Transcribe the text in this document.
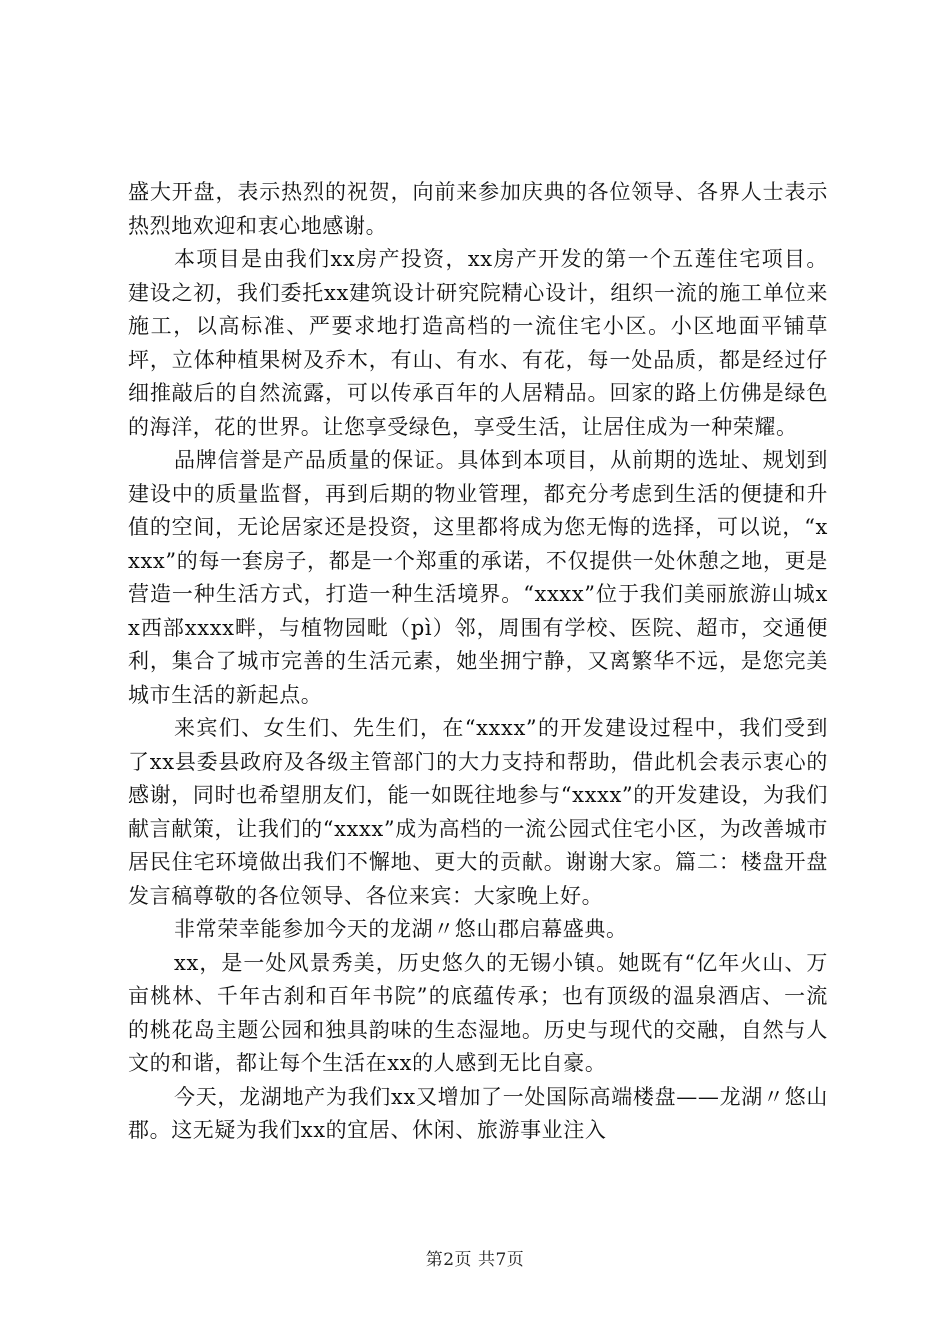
盛大开盘，表示热烈的祝贺，向前来参加庆典的各位领导、各界人士表示热烈地欢迎和衷心地感谢。

本项目是由我们xx房产投资，xx房产开发的第一个五莲住宅项目。建设之初，我们委托xx建筑设计研究院精心设计，组织一流的施工单位来施工，以高标准、严要求地打造高档的一流住宅小区。小区地面平铺草坪，立体种植果树及乔木，有山、有水、有花，每一处品质，都是经过仔细推敲后的自然流露，可以传承百年的人居精品。回家的路上仿佛是绿色的海洋，花的世界。让您享受绿色，享受生活，让居住成为一种荣耀。

品牌信誉是产品质量的保证。具体到本项目，从前期的选址、规划到建设中的质量监督，再到后期的物业管理，都充分考虑到生活的便捷和升值的空间，无论居家还是投资，这里都将成为您无悔的选择，可以说，“xxxx”的每一套房子，都是一个郑重的承诺，不仅提供一处休憩之地，更是营造一种生活方式，打造一种生活境界。“xxxx”位于我们美丽旅游山城xx西部xxxx畔，与植物园毗（pì）邻，周围有学校、医院、超市，交通便利，集合了城市完善的生活元素，她坐拥宁静，又离繁华不远，是您完美城市生活的新起点。

来宾们、女生们、先生们，在“xxxx”的开发建设过程中，我们受到了xx县委县政府及各级主管部门的大力支持和帮助，借此机会表示衷心的感谢，同时也希望朋友们，能一如既往地参与“xxxx”的开发建设，为我们献言献策，让我们的“xxxx”成为高档的一流公园式住宅小区，为改善城市居民住宅环境做出我们不懈地、更大的贡献。谢谢大家。篇二：楼盘开盘发言稿尊敬的各位领导、各位来宾：大家晚上好。

非常荣幸能参加今天的龙湖〃悠山郡启幕盛典。

xx，是一处风景秀美，历史悠久的无锡小镇。她既有“亿年火山、万亩桃林、千年古刹和百年书院”的底蕴传承；也有顶级的温泉酒店、一流的桃花岛主题公园和独具韵味的生态湿地。历史与现代的交融，自然与人文的和谐，都让每个生活在xx的人感到无比自豪。

今天，龙湖地产为我们xx又增加了一处国际高端楼盘——龙湖〃悠山郡。这无疑为我们xx的宜居、休闲、旅游事业注入

第2页 共7页
